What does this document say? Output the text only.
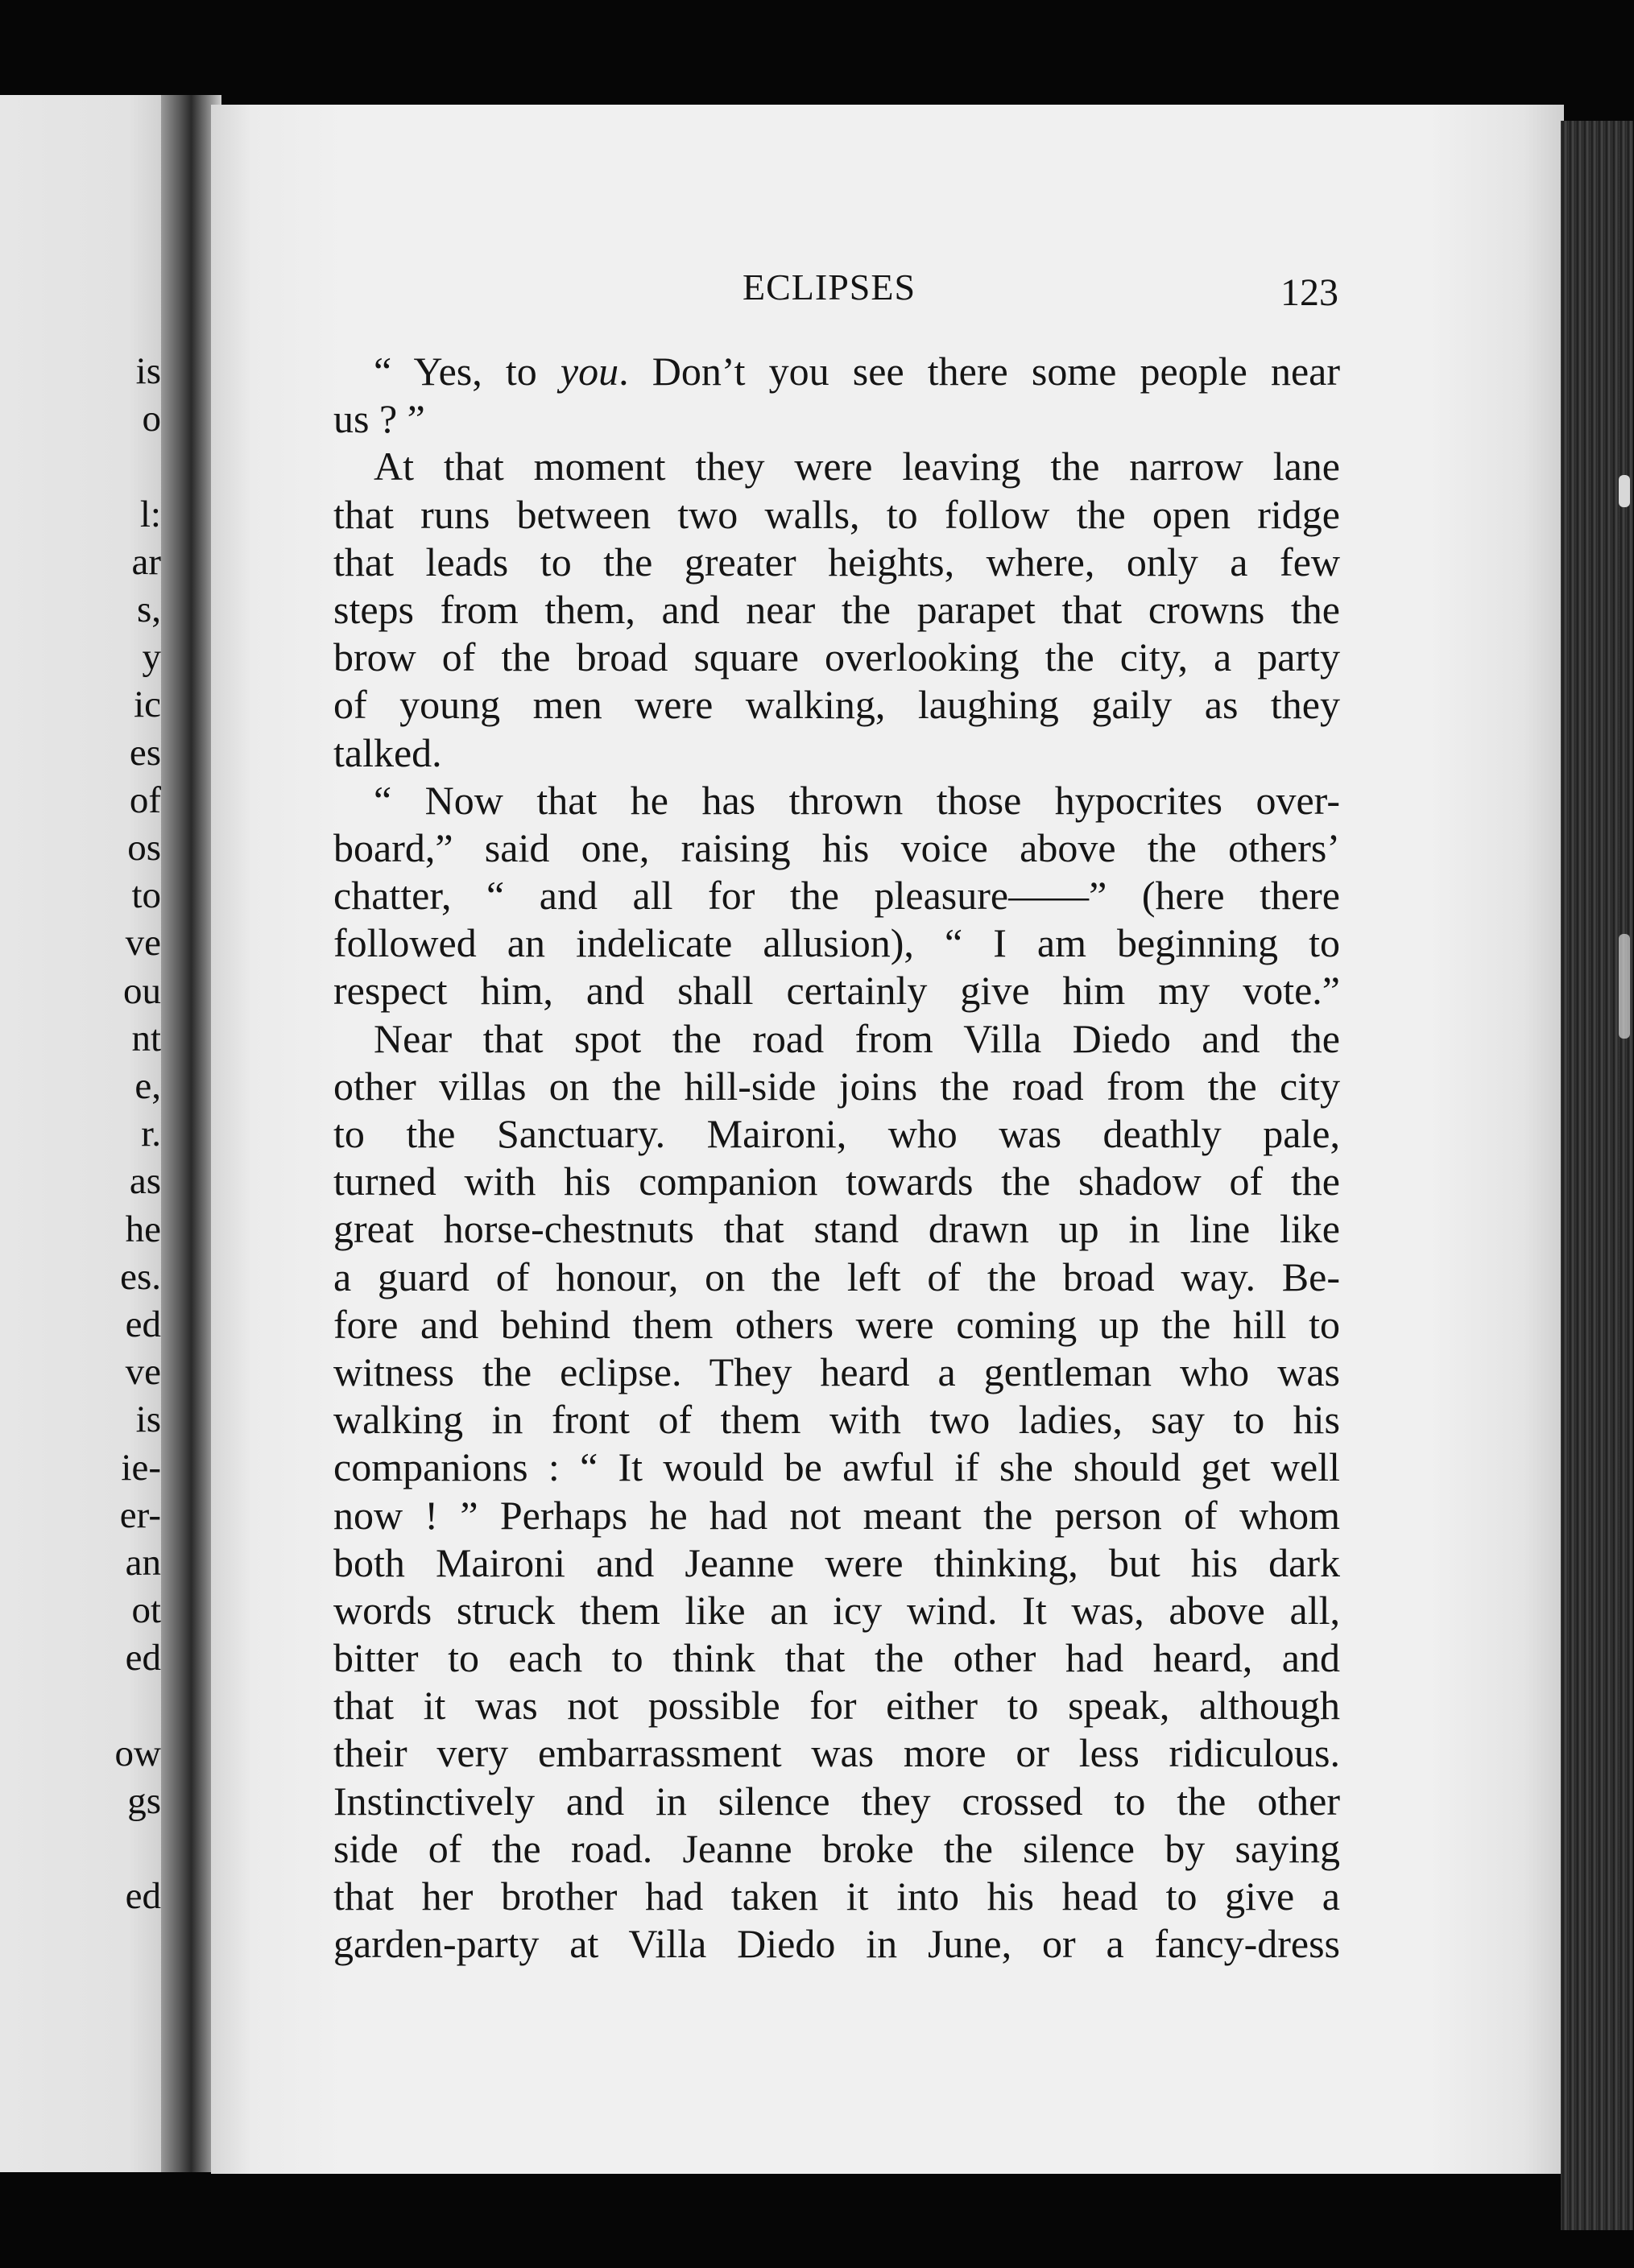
is
o
l:
ar
s,
y
ic
es
of
os
to
ve
ou
nt
e,
r.
as
he
es.
ed
ve
is
ie-
er-
an
ot
ed
ow
gs
ed
ECLIPSES	123
“ Yes, to you. Don’t you see there some people near
us ? ”
At that moment they were leaving the narrow lane
that runs between two walls, to follow the open ridge
that leads to the greater heights, where, only a few
steps from them, and near the parapet that crowns the
brow of the broad square overlooking the city, a party
of young men were walking, laughing gaily as they
talked.
“ Now that he has thrown those hypocrites over-
board,” said one, raising his voice above the others’
chatter, “ and all for the pleasure——” (here there
followed an indelicate allusion), “ I am beginning to
respect him, and shall certainly give him my vote.”
Near that spot the road from Villa Diedo and the
other villas on the hill-side joins the road from the city
to the Sanctuary. Maironi, who was deathly pale,
turned with his companion towards the shadow of the
great horse-chestnuts that stand drawn up in line like
a guard of honour, on the left of the broad way. Be-
fore and behind them others were coming up the hill to
witness the eclipse. They heard a gentleman who was
walking in front of them with two ladies, say to his
companions : “ It would be awful if she should get well
now ! ” Perhaps he had not meant the person of whom
both Maironi and Jeanne were thinking, but his dark
words struck them like an icy wind. It was, above all,
bitter to each to think that the other had heard, and
that it was not possible for either to speak, although
their very embarrassment was more or less ridiculous.
Instinctively and in silence they crossed to the other
side of the road. Jeanne broke the silence by saying
that her brother had taken it into his head to give a
garden-party at Villa Diedo in June, or a fancy-dress
